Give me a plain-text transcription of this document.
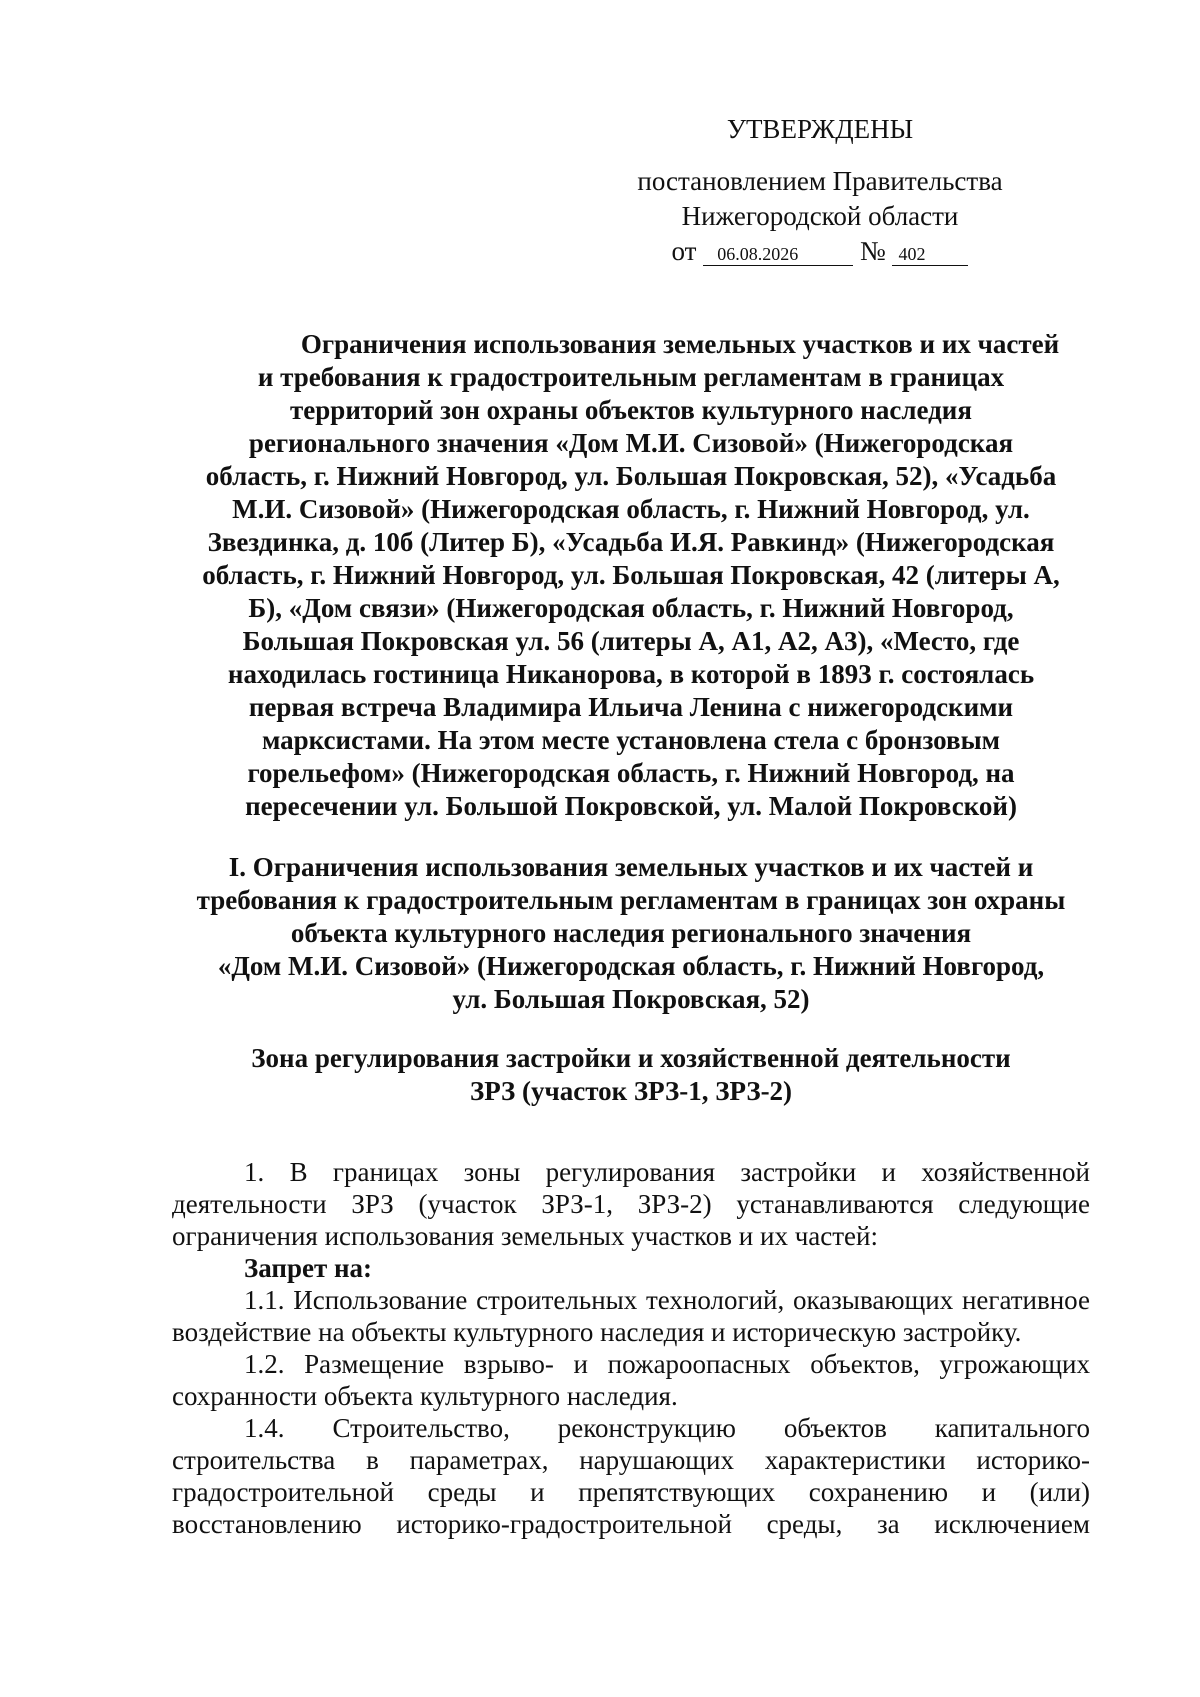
УТВЕРЖДЕНЫ
постановлением Правительства
Нижегородской области
от 06.08.2026 № 402
Ограничения использования земельных участков и их частей
и требования к градостроительным регламентам в границах
территорий зон охраны объектов культурного наследия
регионального значения «Дом М.И. Сизовой» (Нижегородская
область, г. Нижний Новгород, ул. Большая Покровская, 52), «Усадьба
М.И. Сизовой» (Нижегородская область, г. Нижний Новгород, ул.
Звездинка, д. 10б (Литер Б), «Усадьба И.Я. Равкинд» (Нижегородская
область, г. Нижний Новгород, ул. Большая Покровская, 42 (литеры А,
Б), «Дом связи» (Нижегородская область, г. Нижний Новгород,
Большая Покровская ул. 56 (литеры А, А1, А2, А3), «Место, где
находилась гостиница Никанорова, в которой в 1893 г. состоялась
первая встреча Владимира Ильича Ленина с нижегородскими
марксистами. На этом месте установлена стела с бронзовым
горельефом» (Нижегородская область, г. Нижний Новгород, на
пересечении ул. Большой Покровской, ул. Малой Покровской)
I. Ограничения использования земельных участков и их частей и
требования к градостроительным регламентам в границах зон охраны
объекта культурного наследия регионального значения
«Дом М.И. Сизовой» (Нижегородская область, г. Нижний Новгород,
ул. Большая Покровская, 52)
Зона регулирования застройки и хозяйственной деятельности
ЗРЗ (участок ЗРЗ-1, ЗРЗ-2)

1. В границах зоны регулирования застройки и хозяйственной деятельности ЗРЗ (участок ЗРЗ-1, ЗРЗ-2) устанавливаются следующие ограничения использования земельных участков и их частей:

Запрет на:

1.1. Использование строительных технологий, оказывающих негативное воздействие на объекты культурного наследия и историческую застройку.

1.2. Размещение взрыво- и пожароопасных объектов, угрожающих сохранности объекта культурного наследия.

1.4. Строительство, реконструкцию объектов капитального строительства в параметрах, нарушающих характеристики историко-градостроительной среды и препятствующих сохранению и (или) восстановлению историко-градостроительной среды, за исключением
